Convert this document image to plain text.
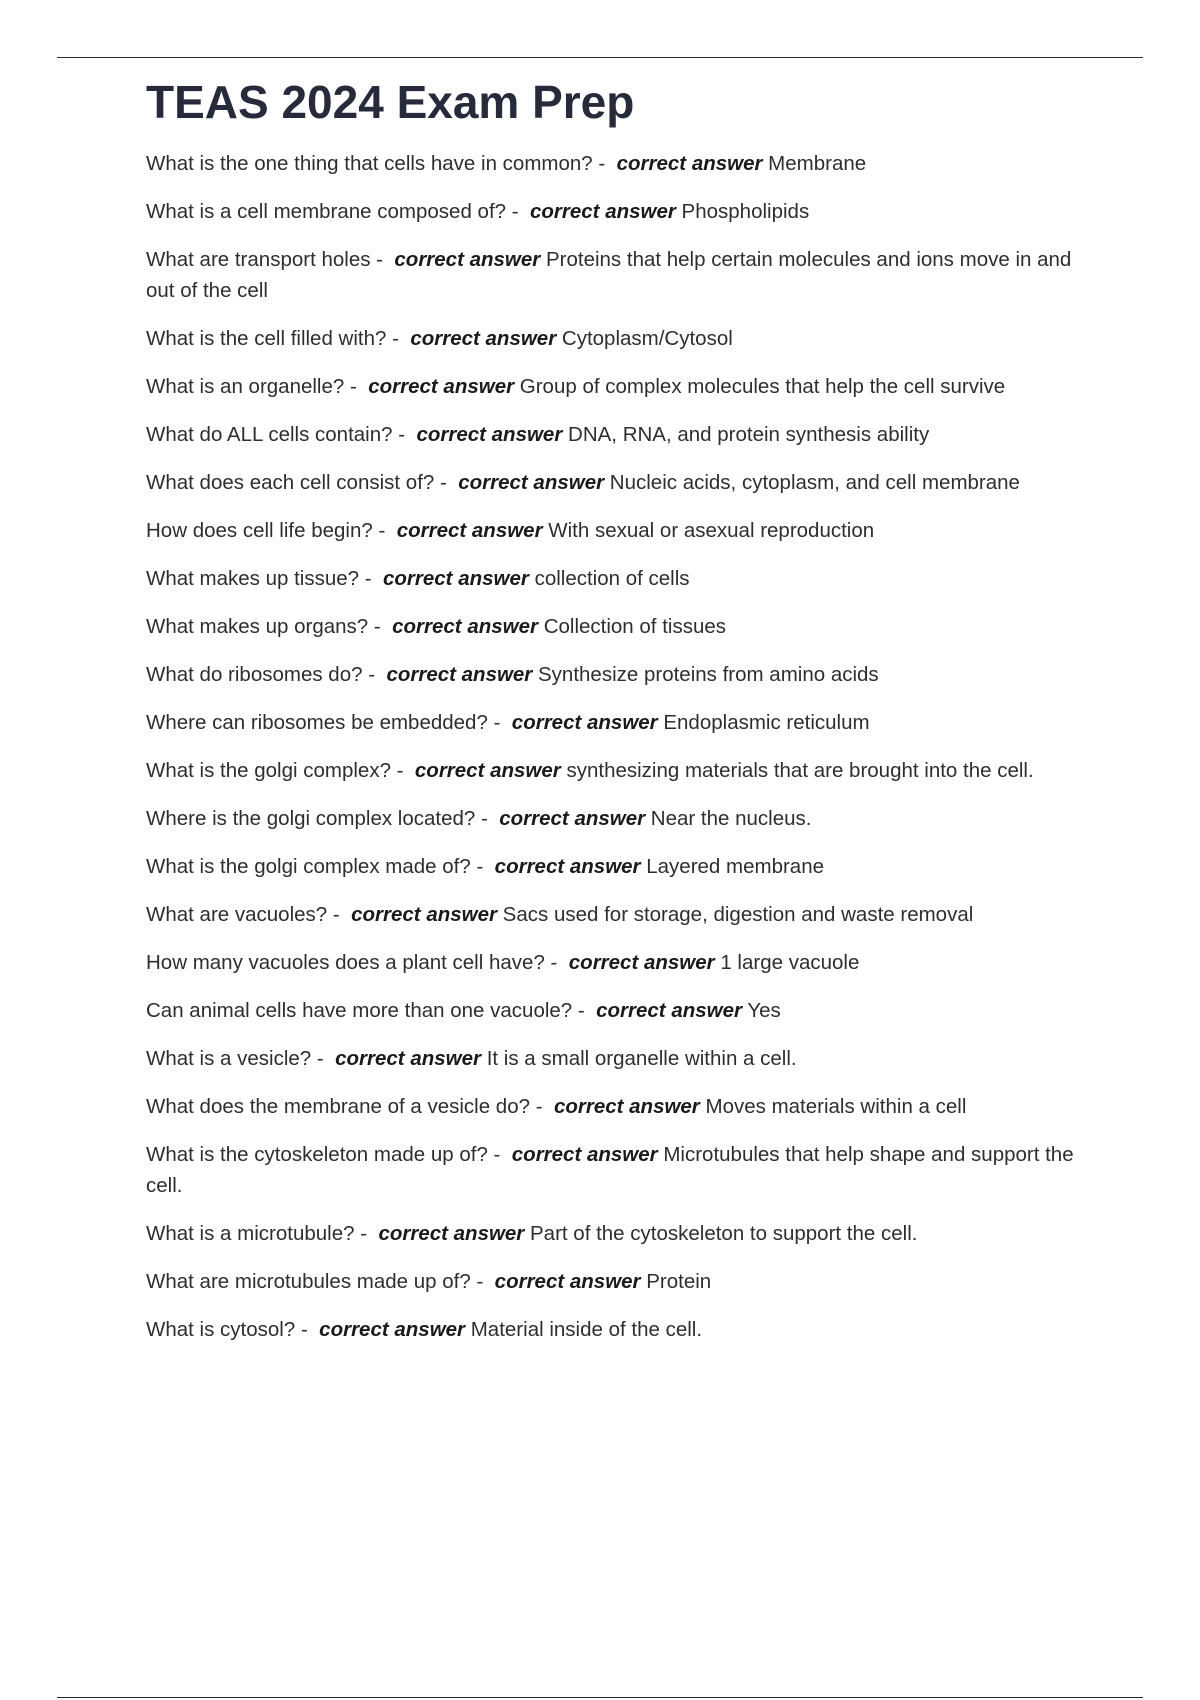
TEAS 2024 Exam Prep
What is the one thing that cells have in common? -  correct answer Membrane
What is a cell membrane composed of? -  correct answer Phospholipids
What are transport holes -  correct answer Proteins that help certain molecules and ions move in and out of the cell
What is the cell filled with? -  correct answer Cytoplasm/Cytosol
What is an organelle? -  correct answer Group of complex molecules that help the cell survive
What do ALL cells contain? -  correct answer DNA, RNA, and protein synthesis ability
What does each cell consist of? -  correct answer Nucleic acids, cytoplasm, and cell membrane
How does cell life begin? -  correct answer With sexual or asexual reproduction
What makes up tissue? -  correct answer collection of cells
What makes up organs? -  correct answer Collection of tissues
What do ribosomes do? -  correct answer Synthesize proteins from amino acids
Where can ribosomes be embedded? -  correct answer Endoplasmic reticulum
What is the golgi complex? -  correct answer synthesizing materials that are brought into the cell.
Where is the golgi complex located? -  correct answer Near the nucleus.
What is the golgi complex made of? -  correct answer Layered membrane
What are vacuoles? -  correct answer Sacs used for storage, digestion and waste removal
How many vacuoles does a plant cell have? -  correct answer 1 large vacuole
Can animal cells have more than one vacuole? -  correct answer Yes
What is a vesicle? -  correct answer It is a small organelle within a cell.
What does the membrane of a vesicle do? -  correct answer Moves materials within a cell
What is the cytoskeleton made up of? -  correct answer Microtubules that help shape and support the cell.
What is a microtubule? -  correct answer Part of the cytoskeleton to support the cell.
What are microtubules made up of? -  correct answer Protein
What is cytosol? -  correct answer Material inside of the cell.
